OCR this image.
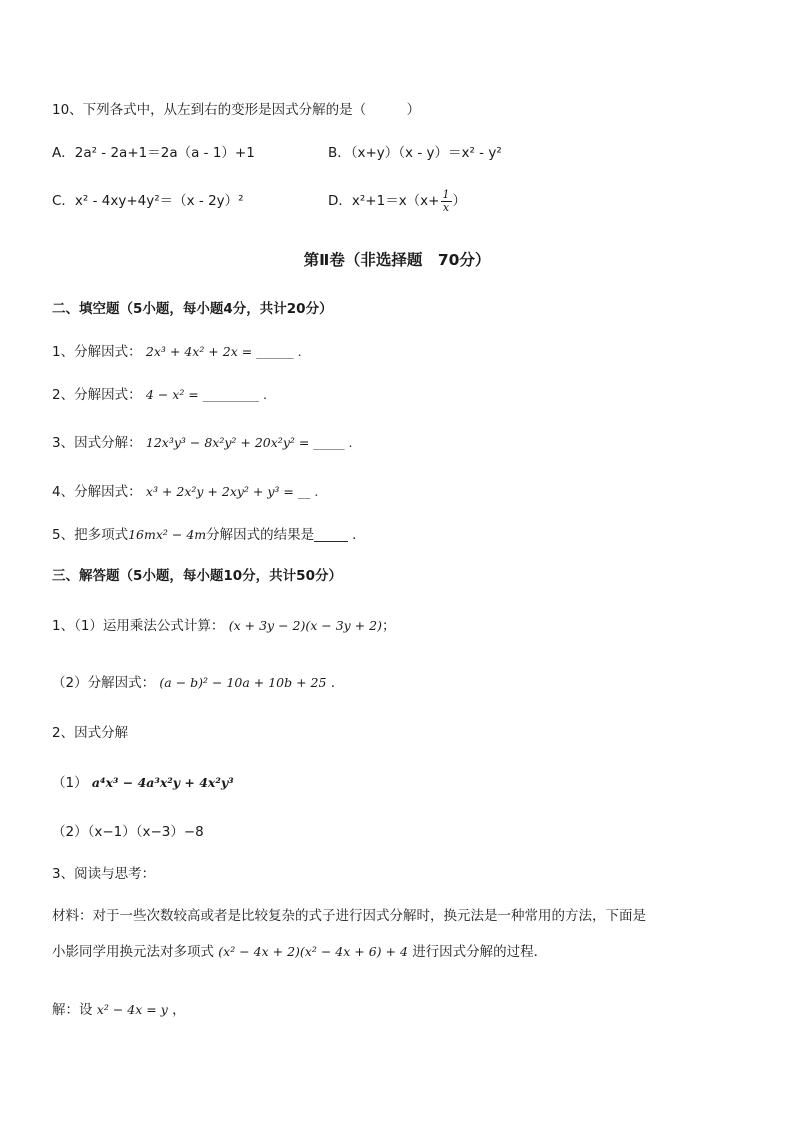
10、下列各式中，从左到右的变形是因式分解的是（　　　）
A．2a² - 2a+1＝2a（a - 1）+1	B．（x+y）（x - y）＝x² - y²
C．x² - 4xy+4y²＝（x - 2y）²	D．$x^2+1=x(x+ \frac{1}{x}$ ）
第Ⅱ卷（非选择题　70分）
二、填空题（5小题，每小题4分，共计20分）
1、分解因式： 2x³ + 4x² + 2x = ______ .
2、分解因式： 4 − x² = _________ .
3、因式分解： 12x³y³ − 8x²y² + 20x²y² = _____ .
4、分解因式： x³ + 2x²y + 2xy² + y³ = __ .
5、把多项式16mx² − 4m分解因式的结果是_____ .
三、解答题（5小题，每小题10分，共计50分）
1、（1）运用乘法公式计算： (x + 3y − 2)(x − 3y + 2)；
（2）分解因式： (a − b)² − 10a + 10b + 25 .
2、因式分解
（1） a⁴x³ − 4a³x²y + 4x²y³
（2）（x−1）（x−3）−8
3、阅读与思考：
材料：对于一些次数较高或者是比较复杂的式子进行因式分解时，换元法是一种常用的方法，下面是
小影同学用换元法对多项式 (x² − 4x + 2)(x² − 4x + 6) + 4 进行因式分解的过程．
解：设 x² − 4x = y ，
